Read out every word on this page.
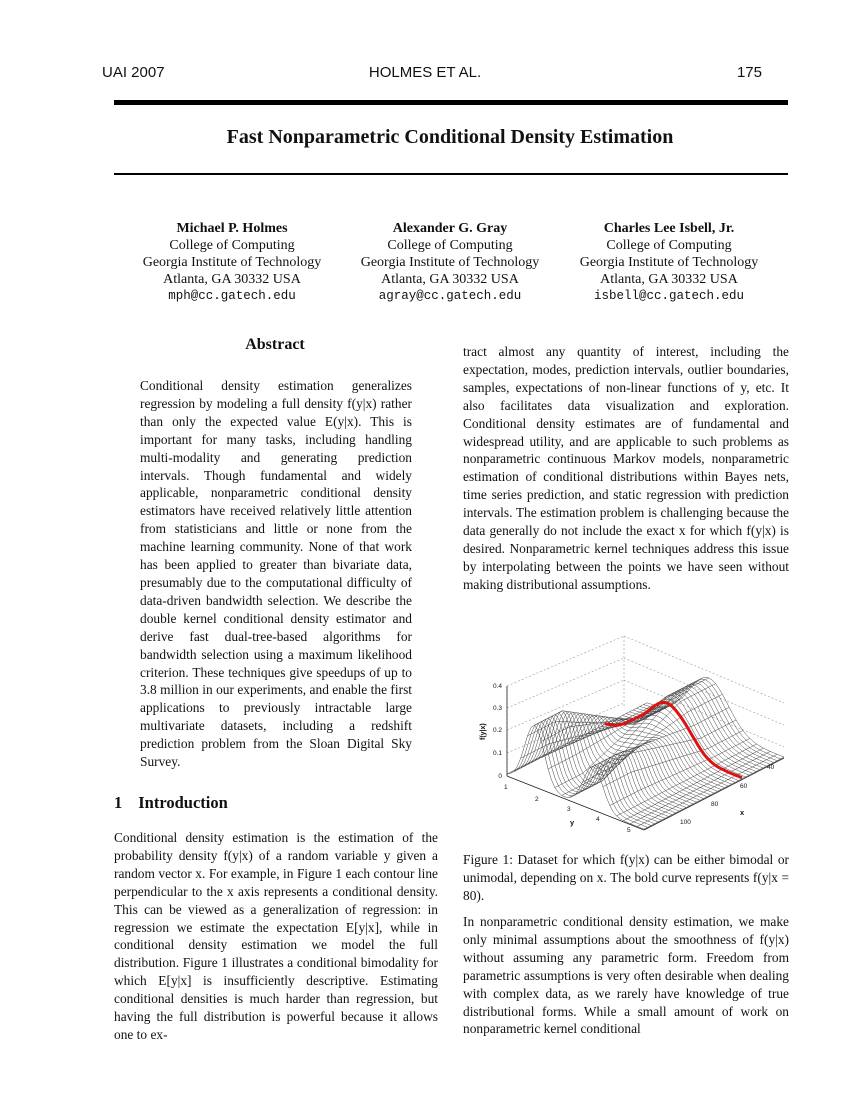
UAI 2007	HOLMES ET AL.	175
Fast Nonparametric Conditional Density Estimation
Michael P. Holmes
College of Computing
Georgia Institute of Technology
Atlanta, GA 30332 USA
mph@cc.gatech.edu
Alexander G. Gray
College of Computing
Georgia Institute of Technology
Atlanta, GA 30332 USA
agray@cc.gatech.edu
Charles Lee Isbell, Jr.
College of Computing
Georgia Institute of Technology
Atlanta, GA 30332 USA
isbell@cc.gatech.edu
Abstract
Conditional density estimation generalizes regression by modeling a full density f(y|x) rather than only the expected value E(y|x). This is important for many tasks, including handling multi-modality and generating prediction intervals. Though fundamental and widely applicable, nonparametric conditional density estimators have received relatively little attention from statisticians and little or none from the machine learning community. None of that work has been applied to greater than bivariate data, presumably due to the computational difficulty of data-driven bandwidth selection. We describe the double kernel conditional density estimator and derive fast dual-tree-based algorithms for bandwidth selection using a maximum likelihood criterion. These techniques give speedups of up to 3.8 million in our experiments, and enable the first applications to previously intractable large multivariate datasets, including a redshift prediction problem from the Sloan Digital Sky Survey.
1 Introduction
Conditional density estimation is the estimation of the probability density f(y|x) of a random variable y given a random vector x. For example, in Figure 1 each contour line perpendicular to the x axis represents a conditional density. This can be viewed as a generalization of regression: in regression we estimate the expectation E[y|x], while in conditional density estimation we model the full distribution. Figure 1 illustrates a conditional bimodality for which E[y|x] is insufficiently descriptive. Estimating conditional densities is much harder than regression, but having the full distribution is powerful because it allows one to ex-
tract almost any quantity of interest, including the expectation, modes, prediction intervals, outlier boundaries, samples, expectations of non-linear functions of y, etc. It also facilitates data visualization and exploration. Conditional density estimates are of fundamental and widespread utility, and are applicable to such problems as nonparametric continuous Markov models, nonparametric estimation of conditional distributions within Bayes nets, time series prediction, and static regression with prediction intervals. The estimation problem is challenging because the data generally do not include the exact x for which f(y|x) is desired. Nonparametric kernel techniques address this issue by interpolating between the points we have seen without making distributional assumptions.
0
0.1
0.2
0.3
0.4
1
2
3
4
5
40
60
80
100
y
x
f(y|x)
Figure 1: Dataset for which f(y|x) can be either bimodal or unimodal, depending on x. The bold curve represents f(y|x = 80).
In nonparametric conditional density estimation, we make only minimal assumptions about the smoothness of f(y|x) without assuming any parametric form. Freedom from parametric assumptions is very often desirable when dealing with complex data, as we rarely have knowledge of true distributional forms. While a small amount of work on nonparametric kernel conditional
